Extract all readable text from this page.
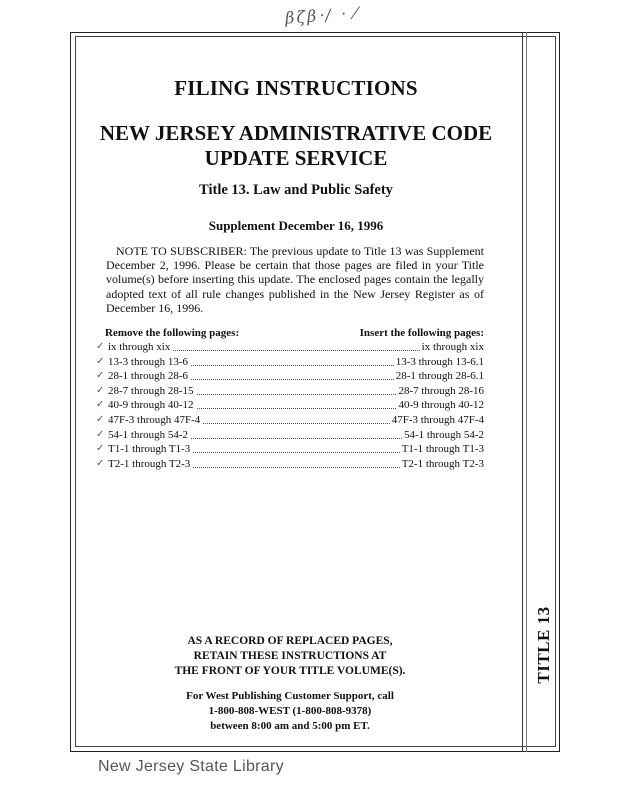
βζβ‧/ ‧ ⁄
FILING INSTRUCTIONS
NEW JERSEY ADMINISTRATIVE CODE
UPDATE SERVICE
Title 13. Law and Public Safety
Supplement December 16, 1996
NOTE TO SUBSCRIBER: The previous update to Title 13 was Supplement December 2, 1996. Please be certain that those pages are filed in your Title volume(s) before inserting this update. The enclosed pages contain the legally adopted text of all rule changes published in the New Jersey Register as of December 16, 1996.
Remove the following pages:	Insert the following pages:
✓ ix through xix	ix through xix
✓ 13-3 through 13-6	13-3 through 13-6.1
✓ 28-1 through 28-6	28-1 through 28-6.1
✓ 28-7 through 28-15	28-7 through 28-16
✓ 40-9 through 40-12	40-9 through 40-12
✓ 47F-3 through 47F-4	47F-3 through 47F-4
✓ 54-1 through 54-2	54-1 through 54-2
✓ T1-1 through T1-3	T1-1 through T1-3
✓ T2-1 through T2-3	T2-1 through T2-3
AS A RECORD OF REPLACED PAGES,
RETAIN THESE INSTRUCTIONS AT
THE FRONT OF YOUR TITLE VOLUME(S).
For West Publishing Customer Support, call
1-800-808-WEST (1-800-808-9378)
between 8:00 am and 5:00 pm ET.
TITLE 13
New Jersey State Library
